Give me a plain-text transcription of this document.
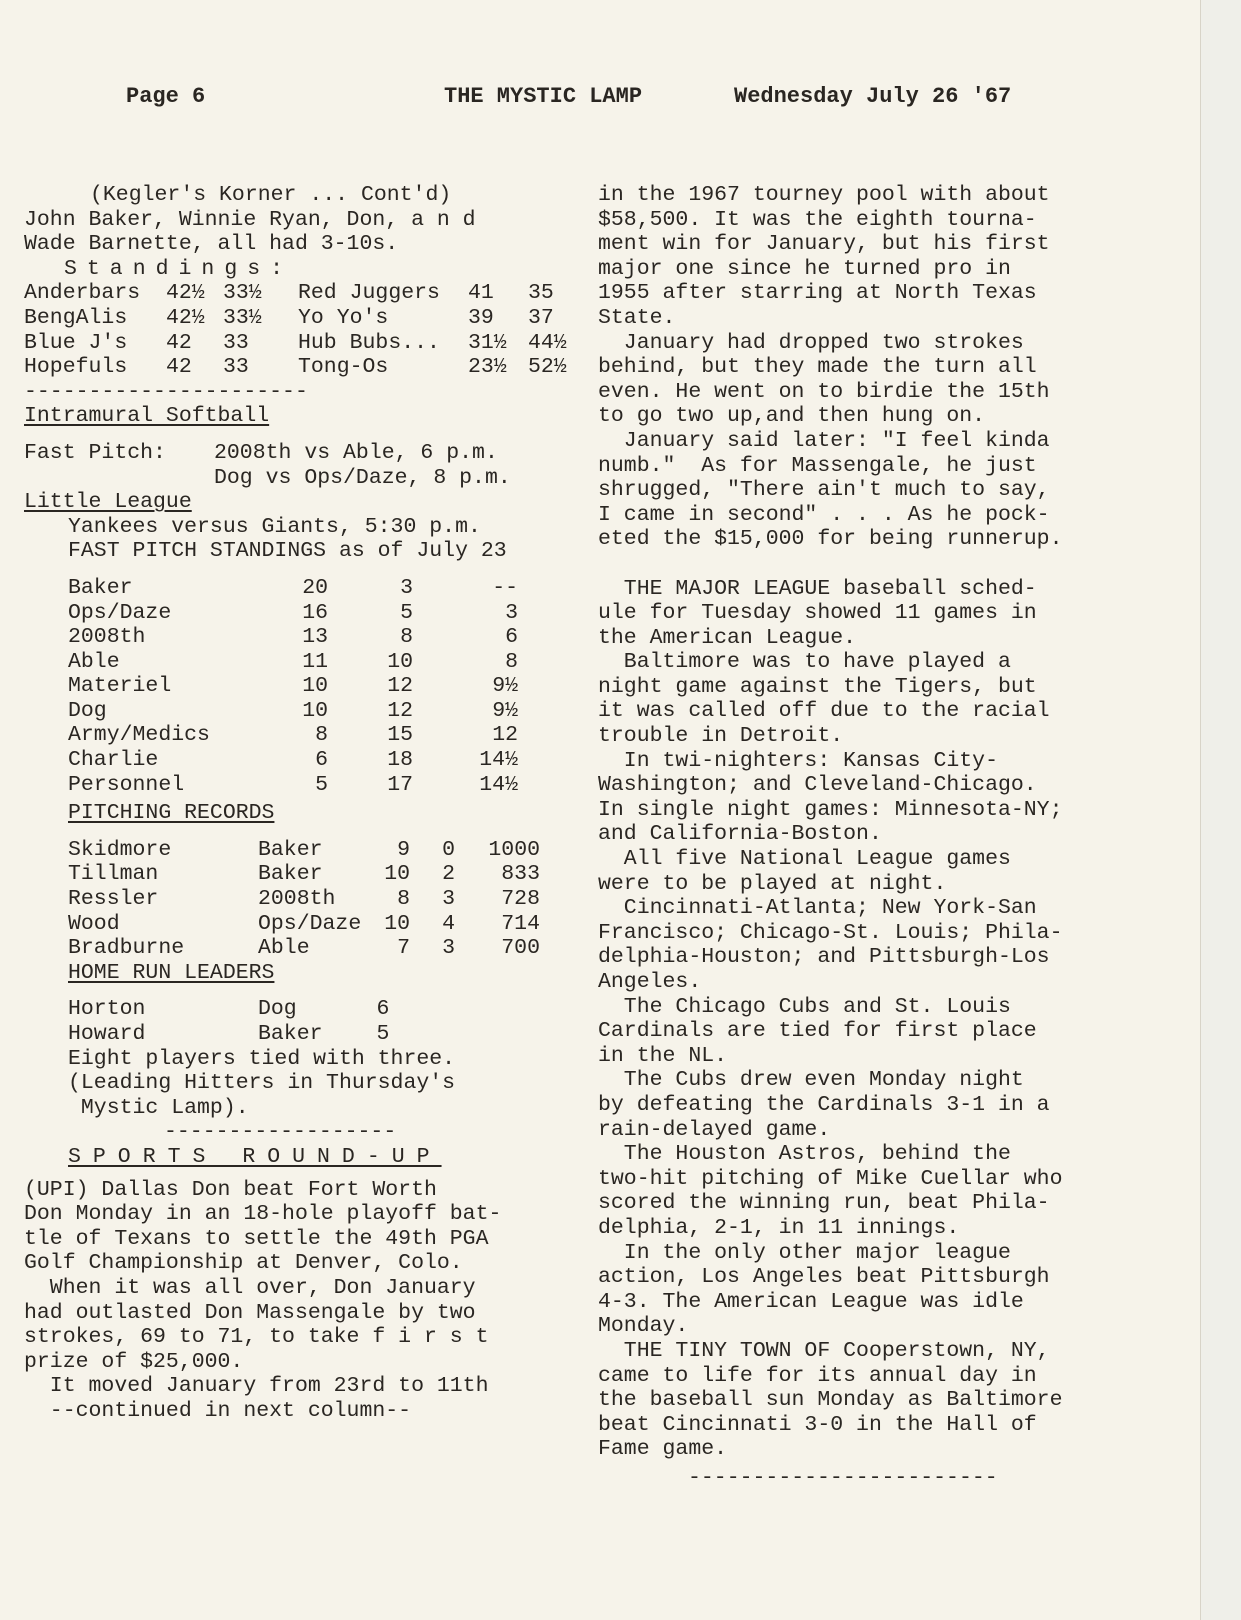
Page 6	THE MYSTIC LAMP	Wednesday July 26 '67

(Kegler's Korner ... Cont'd)

John Baker, Winnie Ryan, Don, a n d

Wade Barnette, all had 3-10s.

Standings:

Anderbars	42½	33½	Red Juggers	41	35
BengAlis	42½	33½	Yo Yo's	39	37
Blue J's	42	33	Hub Bubs...	31½	44½
Hopefuls	42	33	Tong-Os	23½	52½

----------------------

Intramural Softball

Fast Pitch:	2008th vs Able, 6 p.m.
	Dog vs Ops/Daze, 8 p.m.

Little League

Yankees versus Giants, 5:30 p.m.

FAST PITCH STANDINGS as of July 23

Baker	20	3	--
Ops/Daze	16	5	3
2008th	13	8	6
Able	11	10	8
Materiel	10	12	9½
Dog	10	12	9½
Army/Medics	8	15	12
Charlie	6	18	14½
Personnel	5	17	14½

PITCHING RECORDS

Skidmore	Baker	9	0	1000
Tillman	Baker	10	2	833
Ressler	2008th	8	3	728
Wood	Ops/Daze	10	4	714
Bradburne	Able	7	3	700

HOME RUN LEADERS

Horton	Dog	6
Howard	Baker	5

Eight players tied with three.

(Leading Hitters in Thursday's

Mystic Lamp).

------------------

SPORTS ROUND-UP

(UPI) Dallas Don beat Fort Worth

Don Monday in an 18-hole playoff bat-

tle of Texans to settle the 49th PGA

Golf Championship at Denver, Colo.

When it was all over, Don January

had outlasted Don Massengale by two

strokes, 69 to 71, to take f i r s t

prize of $25,000.

It moved January from 23rd to 11th

--continued in next column--

in the 1967 tourney pool with about

$58,500. It was the eighth tourna-

ment win for January, but his first

major one since he turned pro in

1955 after starring at North Texas

State.

January had dropped two strokes

behind, but they made the turn all

even. He went on to birdie the 15th

to go two up,and then hung on.

January said later: "I feel kinda

numb."  As for Massengale, he just

shrugged, "There ain't much to say,

I came in second" . . . As he pock-

eted the $15,000 for being runnerup.

THE MAJOR LEAGUE baseball sched-

ule for Tuesday showed 11 games in

the American League.

Baltimore was to have played a

night game against the Tigers, but

it was called off due to the racial

trouble in Detroit.

In twi-nighters: Kansas City-

Washington; and Cleveland-Chicago.

In single night games: Minnesota-NY;

and California-Boston.

All five National League games

were to be played at night.

Cincinnati-Atlanta; New York-San

Francisco; Chicago-St. Louis; Phila-

delphia-Houston; and Pittsburgh-Los

Angeles.

The Chicago Cubs and St. Louis

Cardinals are tied for first place

in the NL.

The Cubs drew even Monday night

by defeating the Cardinals 3-1 in a

rain-delayed game.

The Houston Astros, behind the

two-hit pitching of Mike Cuellar who

scored the winning run, beat Phila-

delphia, 2-1, in 11 innings.

In the only other major league

action, Los Angeles beat Pittsburgh

4-3. The American League was idle

Monday.

THE TINY TOWN OF Cooperstown, NY,

came to life for its annual day in

the baseball sun Monday as Baltimore

beat Cincinnati 3-0 in the Hall of

Fame game.

------------------------
